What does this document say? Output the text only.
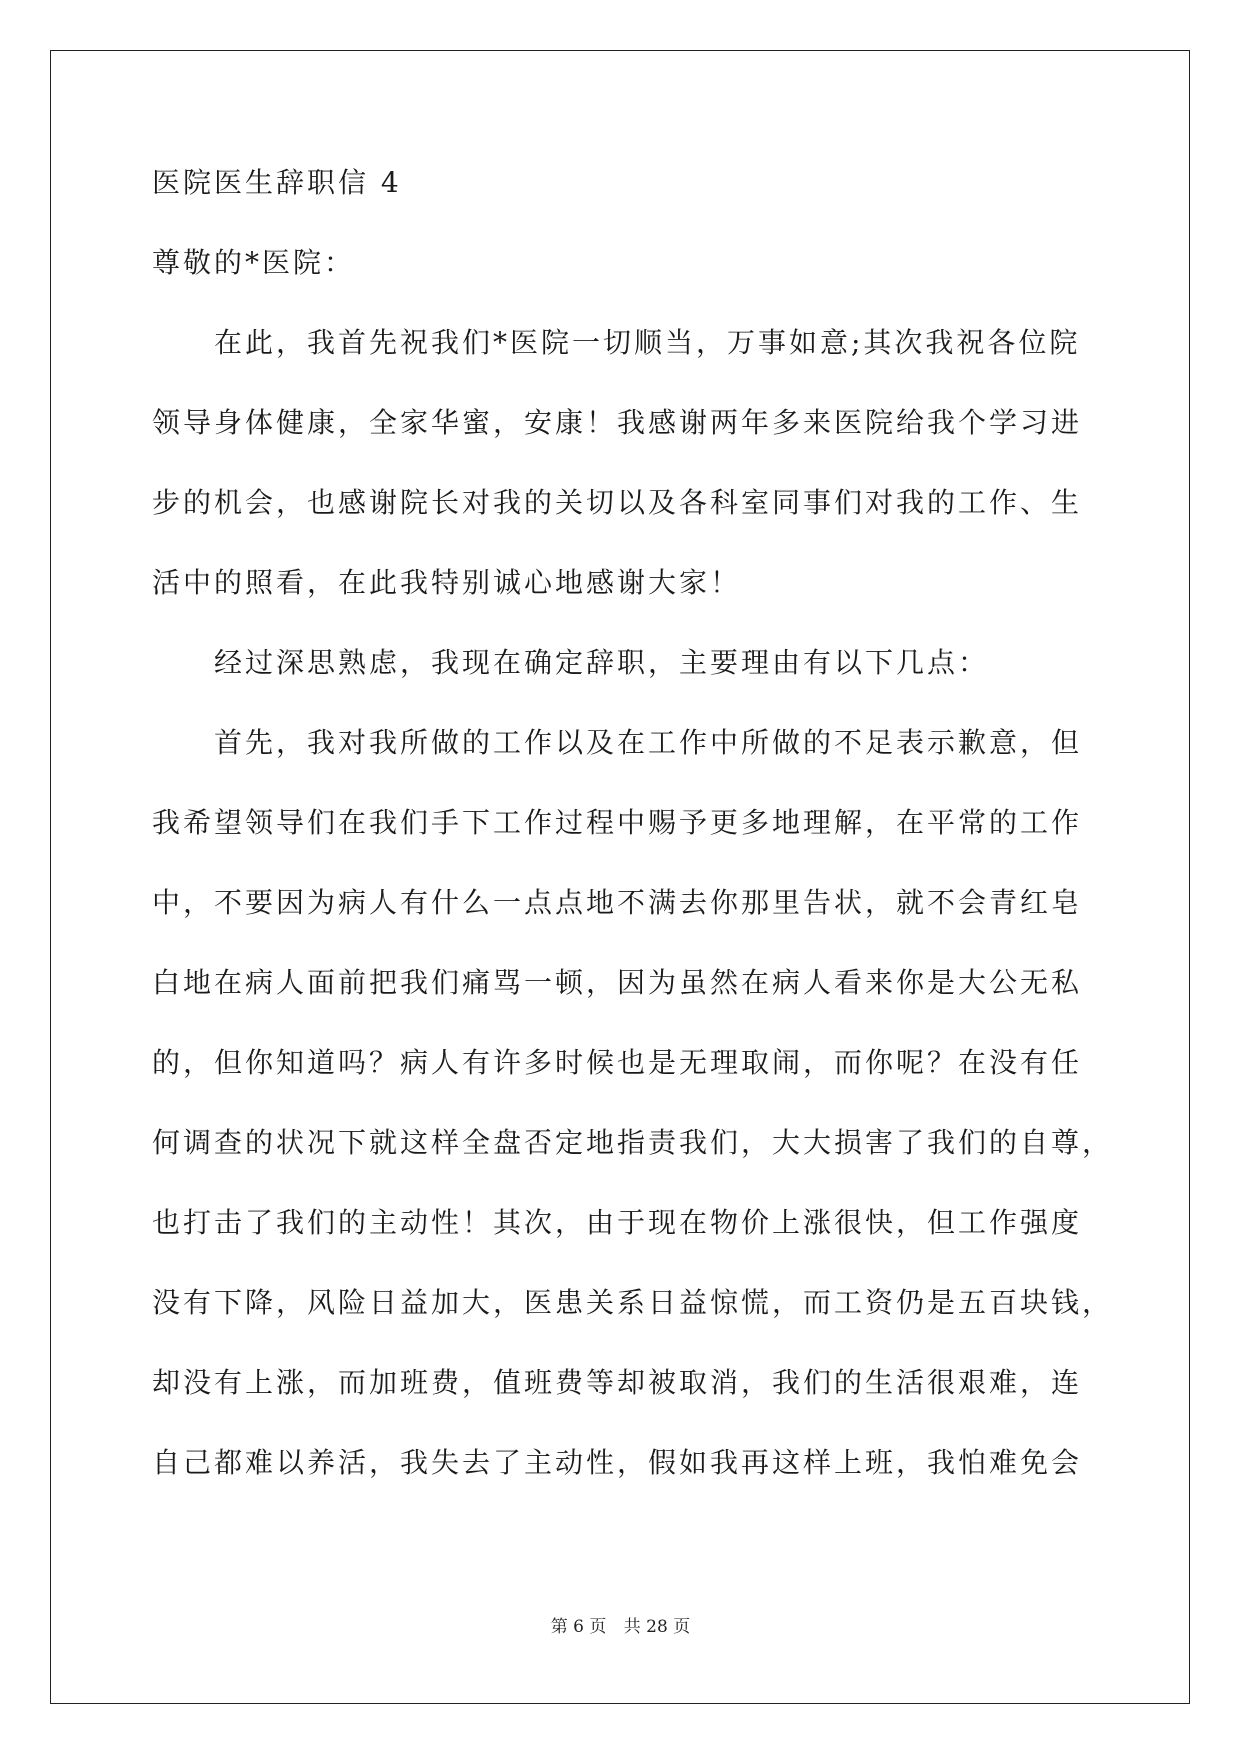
医院医生辞职信 4
尊敬的*医院：
在此，我首先祝我们*医院一切顺当，万事如意;其次我祝各位院
领导身体健康，全家华蜜，安康！我感谢两年多来医院给我个学习进
步的机会，也感谢院长对我的关切以及各科室同事们对我的工作、生
活中的照看，在此我特别诚心地感谢大家！
经过深思熟虑，我现在确定辞职，主要理由有以下几点：
首先，我对我所做的工作以及在工作中所做的不足表示歉意，但
我希望领导们在我们手下工作过程中赐予更多地理解，在平常的工作
中，不要因为病人有什么一点点地不满去你那里告状，就不会青红皂
白地在病人面前把我们痛骂一顿，因为虽然在病人看来你是大公无私
的，但你知道吗？病人有许多时候也是无理取闹，而你呢？在没有任
何调查的状况下就这样全盘否定地指责我们，大大损害了我们的自尊，
也打击了我们的主动性！其次，由于现在物价上涨很快，但工作强度
没有下降，风险日益加大，医患关系日益惊慌，而工资仍是五百块钱，
却没有上涨，而加班费，值班费等却被取消，我们的生活很艰难，连
自己都难以养活，我失去了主动性，假如我再这样上班，我怕难免会
第 6 页 共 28 页
